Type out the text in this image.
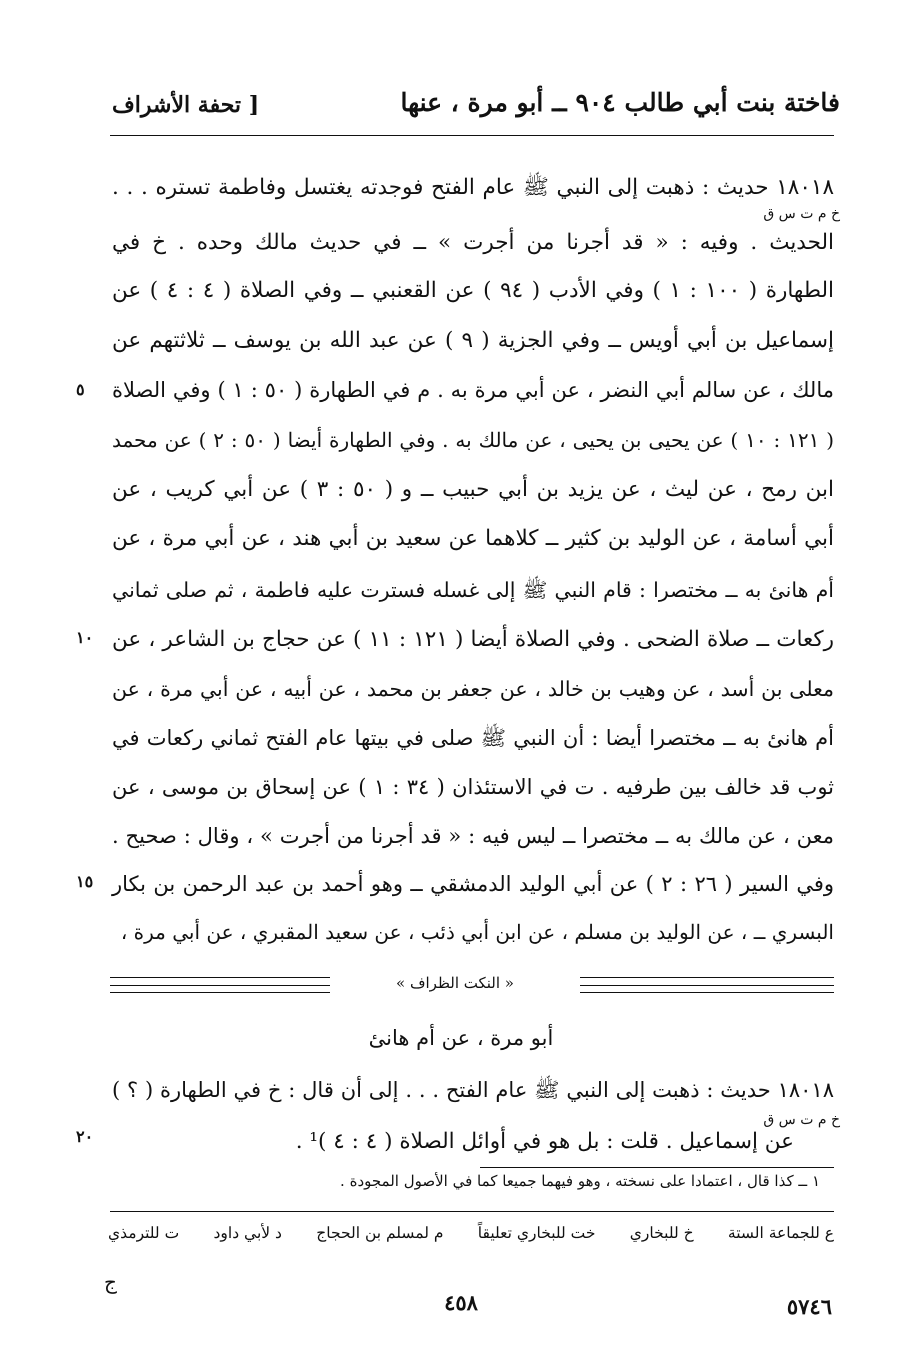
فاختة بنت أبي طالب ٩٠٤ ــ أبو مرة ، عنها
[ تحفة الأشراف
١٨٠١٨ حديث : ذهبت إلى النبي ﷺ عام الفتح فوجدته يغتسل وفاطمة تستره . . .
الحديث . وفيه : « قد أجرنا من أجرت » ــ في حديث مالك وحده . خ في
الطهارة ( ١٠٠ : ١ ) وفي الأدب ( ٩٤ ) عن القعنبي ــ وفي الصلاة ( ٤ : ٤ ) عن
إسماعيل بن أبي أويس ــ وفي الجزية ( ٩ ) عن عبد الله بن يوسف ــ ثلاثتهم عن
مالك ، عن سالم أبي النضر ، عن أبي مرة به . م في الطهارة ( ٥٠ : ١ ) وفي الصلاة
( ١٢١ : ١٠ ) عن يحيى بن يحيى ، عن مالك به . وفي الطهارة أيضا ( ٥٠ : ٢ ) عن محمد
ابن رمح ، عن ليث ، عن يزيد بن أبي حبيب ــ و ( ٥٠ : ٣ ) عن أبي كريب ، عن
أبي أسامة ، عن الوليد بن كثير ــ كلاهما عن سعيد بن أبي هند ، عن أبي مرة ، عن
أم هانئ به ــ مختصرا : قام النبي ﷺ إلى غسله فسترت عليه فاطمة ، ثم صلى ثماني
ركعات ــ صلاة الضحى . وفي الصلاة أيضا ( ١٢١ : ١١ ) عن حجاج بن الشاعر ، عن
معلى بن أسد ، عن وهيب بن خالد ، عن جعفر بن محمد ، عن أبيه ، عن أبي مرة ، عن
أم هانئ به ــ مختصرا أيضا : أن النبي ﷺ صلى في بيتها عام الفتح ثماني ركعات في
ثوب قد خالف بين طرفيه . ت في الاستئذان ( ٣٤ : ١ ) عن إسحاق بن موسى ، عن
معن ، عن مالك به ــ مختصرا ــ ليس فيه : « قد أجرنا من أجرت » ، وقال : صحيح .
وفي السير ( ٢٦ : ٢ ) عن أبي الوليد الدمشقي ــ وهو أحمد بن عبد الرحمن بن بكار
البسري ــ ، عن الوليد بن مسلم ، عن ابن أبي ذئب ، عن سعيد المقبري ، عن أبي مرة ،
خ م ت س ق
٥
١٠
١٥
٢٠
« النكت الظراف »
أبو مرة ، عن أم هانئ
١٨٠١٨ حديث : ذهبت إلى النبي ﷺ عام الفتح . . . إلى أن قال : خ في الطهارة ( ؟ )
عن إسماعيل . قلت : بل هو في أوائل الصلاة ( ٤ : ٤ )¹ .
خ م ت س ق
١ ــ كذا قال ، اعتمادا على نسخته ، وهو فيهما جميعا كما في الأصول المجودة .
ع للجماعة الستة
خ للبخاري
خت للبخاري تعليقاً
م لمسلم بن الحجاج
د لأبي داود
ت للترمذي
ج
٤٥٨	٥٧٤٦
